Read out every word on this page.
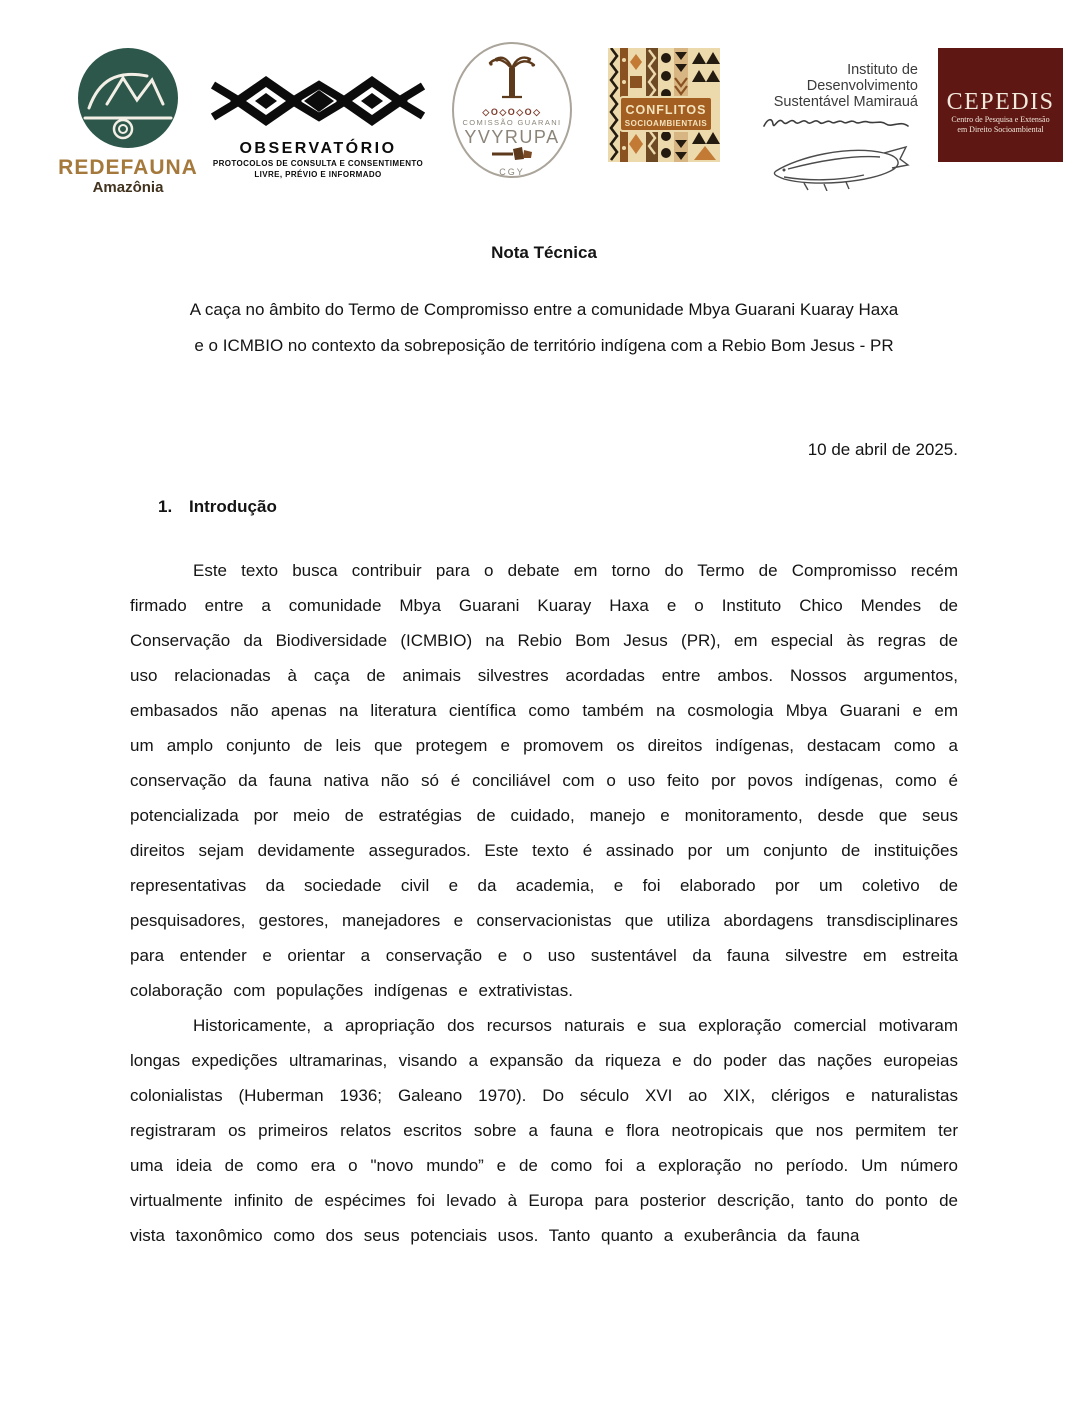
REDEFAUNA
Amazônia
OBSERVATÓRIO
PROTOCOLOS DE CONSULTA E CONSENTIMENTO
LIVRE, PRÉVIO E INFORMADO
◇O◇O◇O◇
COMISSÃO GUARANI
YVYRUPA
CGY
CONFLITOS
SOCIOAMBIENTAIS
Instituto de Desenvolvimento
Sustentável Mamirauá
	CEPEDIS
Centro de Pesquisa e Extensão
em Direito Socioambiental
Nota Técnica
A caça no âmbito do Termo de Compromisso entre a comunidade Mbya Guarani Kuaray Haxa
e o ICMBIO no contexto da sobreposição de território indígena com a Rebio Bom Jesus - PR
10 de abril de 2025.
1. Introdução

Este texto busca contribuir para o debate em torno do Termo de Compromisso recém firmado entre a comunidade Mbya Guarani Kuaray Haxa e o Instituto Chico Mendes de Conservação da Biodiversidade (ICMBIO) na Rebio Bom Jesus (PR), em especial às regras de uso relacionadas à caça de animais silvestres acordadas entre ambos. Nossos argumentos, embasados não apenas na literatura científica como também na cosmologia Mbya Guarani e em um amplo conjunto de leis que protegem e promovem os direitos indígenas, destacam como a conservação da fauna nativa não só é conciliável com o uso feito por povos indígenas, como é potencializada por meio de estratégias de cuidado, manejo e monitoramento, desde que seus direitos sejam devidamente assegurados. Este texto é assinado por um conjunto de instituições representativas da sociedade civil e da academia, e foi elaborado por um coletivo de pesquisadores, gestores, manejadores e conservacionistas que utiliza abordagens transdisciplinares para entender e orientar a conservação e o uso sustentável da fauna silvestre em estreita colaboração com populações indígenas e extrativistas.

Historicamente, a apropriação dos recursos naturais e sua exploração comercial motivaram longas expedições ultramarinas, visando a expansão da riqueza e do poder das nações europeias colonialistas (Huberman 1936; Galeano 1970). Do século XVI ao XIX, clérigos e naturalistas registraram os primeiros relatos escritos sobre a fauna e flora neotropicais que nos permitem ter uma ideia de como era o "novo mundo” e de como foi a exploração no período. Um número virtualmente infinito de espécimes foi levado à Europa para posterior descrição, tanto do ponto de vista taxonômico como dos seus potenciais usos. Tanto quanto a exuberância da fauna
